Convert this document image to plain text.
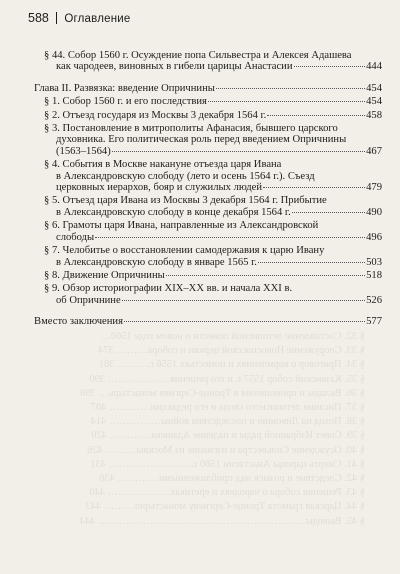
588 Оглавление
§ 32. Составление летописной повести о новом годе 1560…
§ 33. Сооружение Новоспасской церкви и собора……… 374
§ 34. Приговор о кормлениях и поместьях 1556 г.……… 381
§ 35. Казанский собор 1557 г. и его решения……………… 390
§ 36. Вклады и приношения в Троице-Сергиев монастырь… 398
§ 37. Писание летописного свода и его редакции………… 407
§ 38. Поход на Ливонию и последствия войны…………… 414
§ 39. Совет Избранной рады и падение Адашева………… 420
§ 40. Осуждение Сильвестра и изгнание из Москвы……… 426
§ 41. Смерть царицы Анастасии 1560 г.…………………… 431
§ 42. Следствие и розыск над приближенными………… 436
§ 43. Решения собора о чародеях и еретиках……………… 440
§ 44. Царская грамота Троице-Сергиеву монастырю……… 443
§ 45. Выводы…………………………………………………… 444
§ 44. Собор 1560 г. Осуждение попа Сильвестра и Алексея Адашева
как чародеев, виновных в гибели царицы Анастасии	444
Глава II. Развязка: введение Опричнины	454
§ 1. Собор 1560 г. и его последствия	454
§ 2. Отъезд государя из Москвы 3 декабря 1564 г.	458
§ 3. Постановление в митрополиты Афанасия, бывшего царского
духовника. Его политическая роль перед введением Опричнины
(1563–1564)	467
§ 4. События в Москве накануне отъезда царя Ивана
в Александровскую слободу (лето и осень 1564 г.). Съезд
церковных иерархов, бояр и служилых людей	479
§ 5. Отъезд царя Ивана из Москвы 3 декабря 1564 г. Прибытие
в Александровскую слободу в конце декабря 1564 г.	490
§ 6. Грамоты царя Ивана, направленные из Александровской
слободы	496
§ 7. Челобитье о восстановлении самодержавия к царю Ивану
в Александровскую слободу в январе 1565 г.	503
§ 8. Движение Опричнины	518
§ 9. Обзор историографии XIX–XX вв. и начала XXI в.
об Опричнине	526
Вместо заключения	577
